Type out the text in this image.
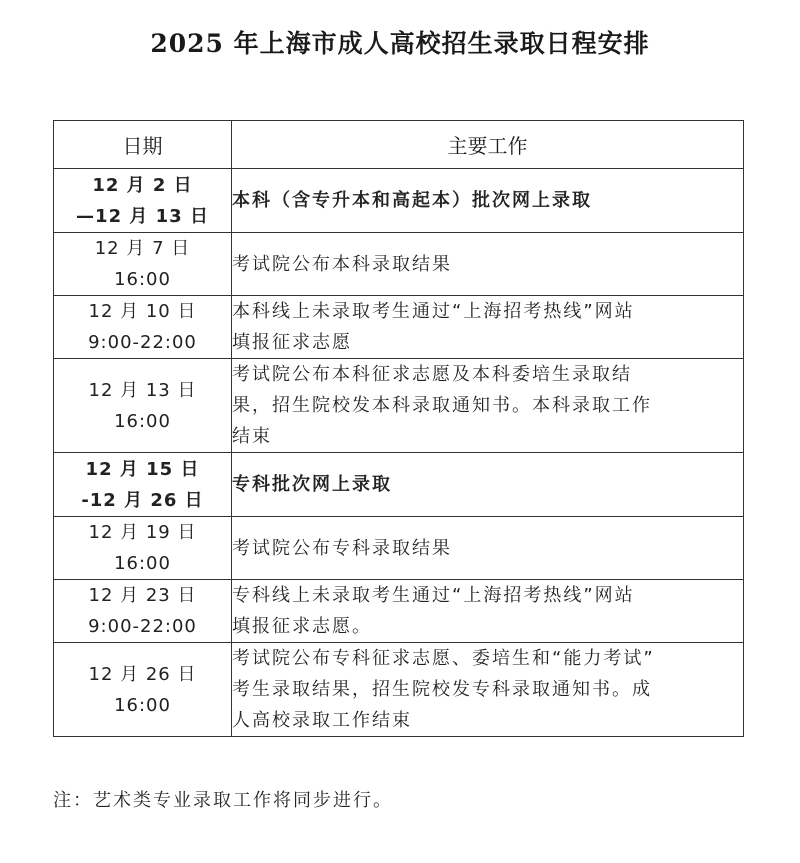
2025 年上海市成人高校招生录取日程安排
日期	主要工作

12 月 2 日
—12 月 13 日	本科（含专升本和高起本）批次网上录取

12 月 7 日
16:00	考试院公布本科录取结果

12 月 10 日
9:00-22:00	本科线上未录取考生通过“上海招考热线”网站
填报征求志愿

12 月 13 日
16:00	考试院公布本科征求志愿及本科委培生录取结
果，招生院校发本科录取通知书。本科录取工作
结束

12 月 15 日
-12 月 26 日	专科批次网上录取

12 月 19 日
16:00	考试院公布专科录取结果

12 月 23 日
9:00-22:00	专科线上未录取考生通过“上海招考热线”网站
填报征求志愿。

12 月 26 日
16:00	考试院公布专科征求志愿、委培生和“能力考试”
考生录取结果，招生院校发专科录取通知书。成
人高校录取工作结束
注：艺术类专业录取工作将同步进行。
